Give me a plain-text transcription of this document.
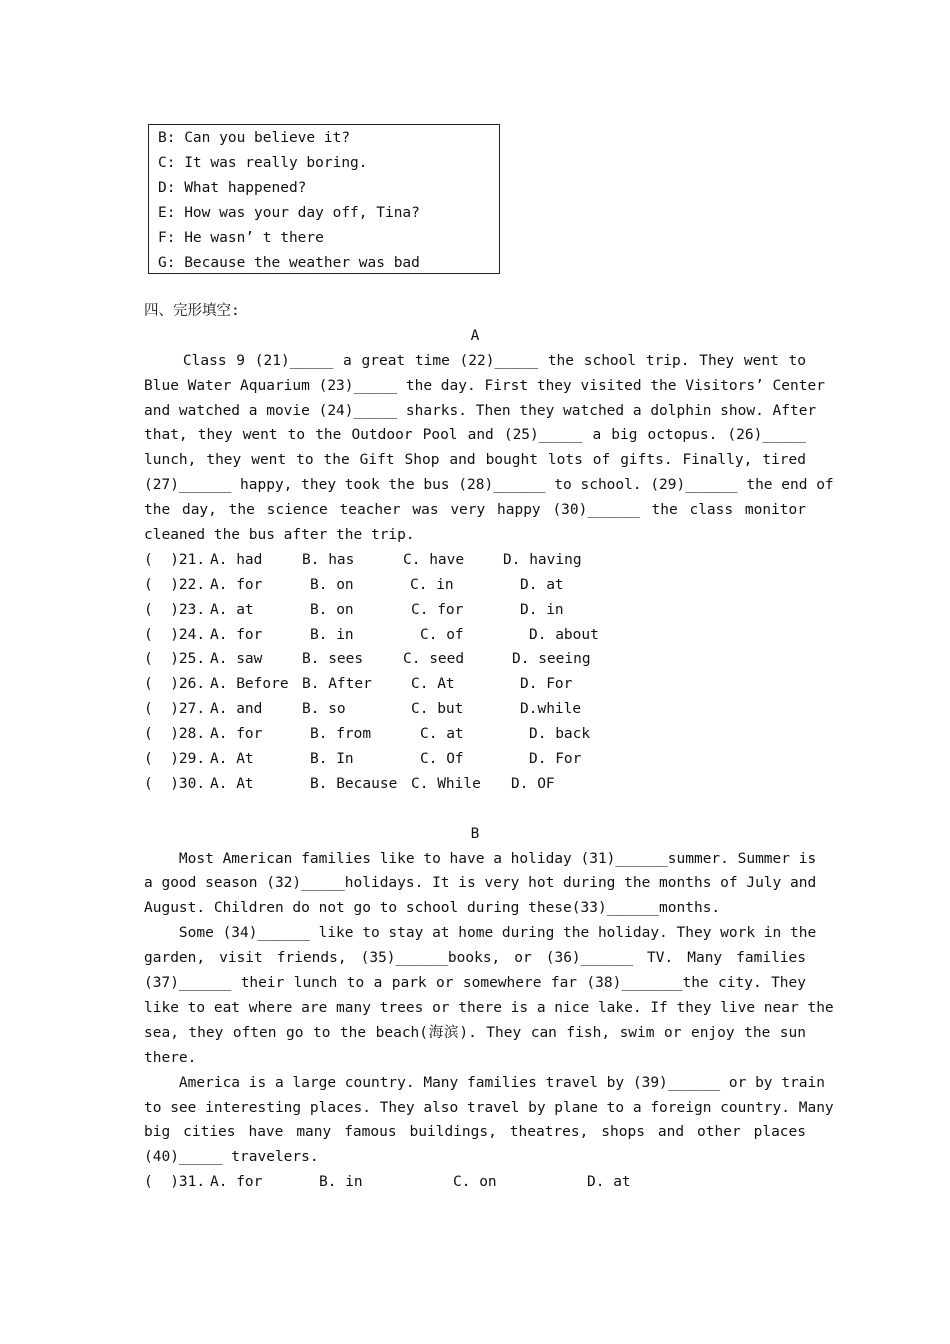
B: Can you believe it?
C: It was really boring.
D: What happened?
E: How was your day off, Tina?
F: He wasn’ t there
G: Because the weather was bad
四、完形填空:
A
Class 9 (21)_____ a great time (22)_____ the school trip. They went to
Blue Water Aquarium (23)_____ the day. First they visited the Visitors’ Center
and watched a movie (24)_____ sharks. Then they watched a dolphin show. After
that, they went to the Outdoor Pool and (25)_____ a big octopus. (26)_____
lunch, they went to the Gift Shop and bought lots of gifts. Finally, tired
(27)______ happy, they took the bus (28)______ to school. (29)______ the end of
the day, the science teacher was very happy (30)______ the class monitor
cleaned the bus after the trip.
(  )21. A. had	B. has	C. have	D. having
(  )22. A. for	B. on	C. in	D. at
(  )23. A. at	B. on	C. for	D. in
(  )24. A. for	B. in	C. of	D. about
(  )25. A. saw	B. sees	C. seed	D. seeing
(  )26. A. Before B. After	C. At	D. For
(  )27. A. and	B. so	C. but	D.while
(  )28. A. for	B. from	C. at	D. back
(  )29. A. At	B. In	C. Of	D. For
(  )30. A. At	B. Because C. While D. OF
B
Most American families like to have a holiday (31)______summer. Summer is
a good season (32)_____holidays. It is very hot during the months of July and
August. Children do not go to school during these(33)______months.
Some (34)______ like to stay at home during the holiday. They work in the
garden, visit friends, (35)______books, or (36)______ TV. Many families
(37)______ their lunch to a park or somewhere far (38)_______the city. They
like to eat where are many trees or there is a nice lake. If they live near the
sea, they often go to the beach(海滨). They can fish, swim or enjoy the sun
there.
America is a large country. Many families travel by (39)______ or by train
to see interesting places. They also travel by plane to a foreign country. Many
big cities have many famous buildings, theatres, shops and other places
(40)_____ travelers.
(  )31. A. for	B. in	C. on	D. at
